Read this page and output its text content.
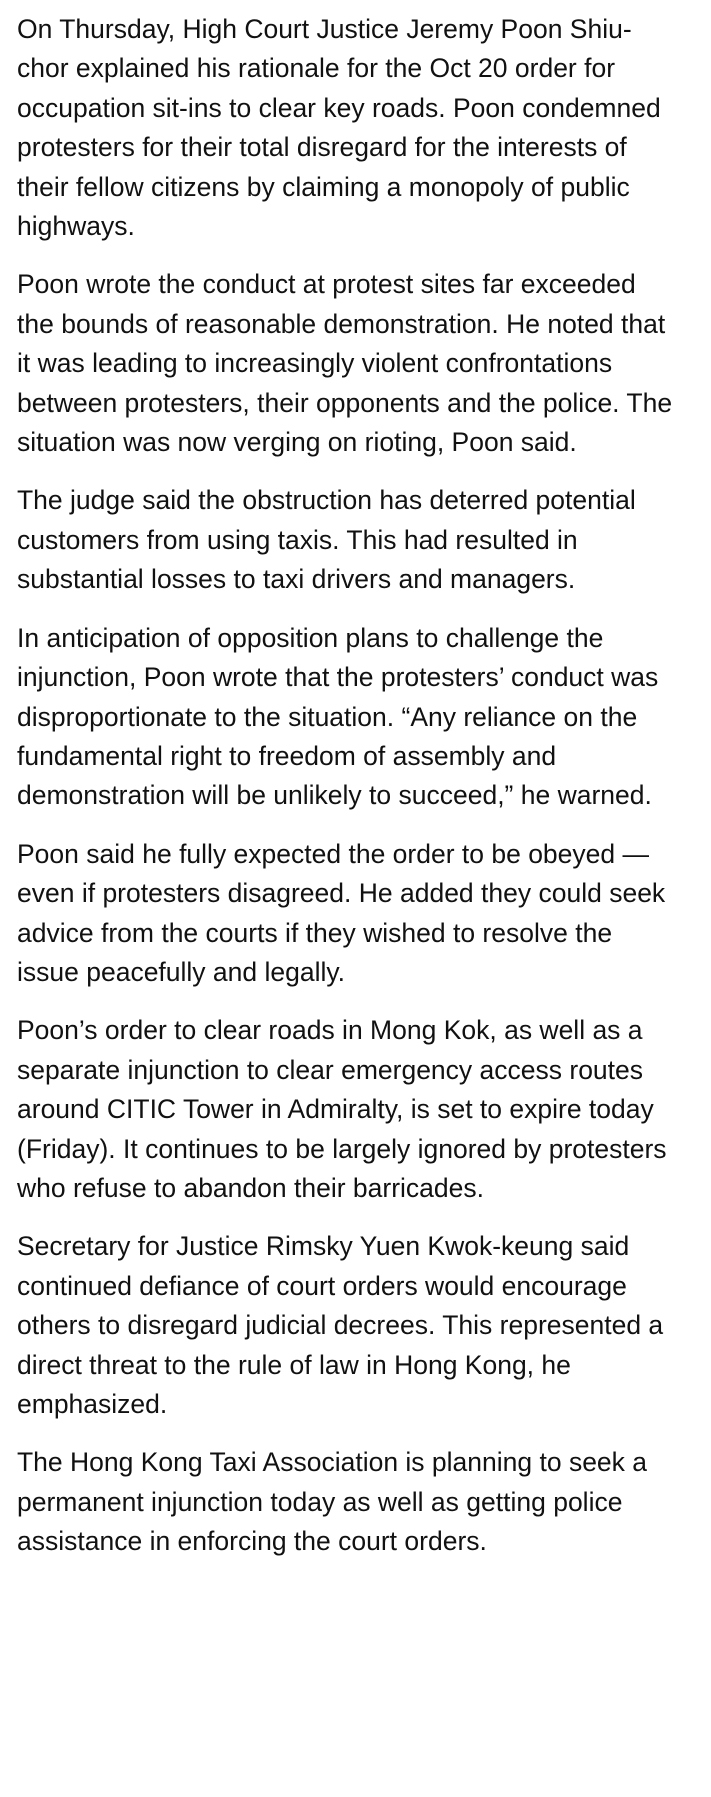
On Thursday, High Court Justice Jeremy Poon Shiu-chor explained his rationale for the Oct 20 order for occupation sit-ins to clear key roads. Poon condemned protesters for their total disregard for the interests of their fellow citizens by claiming a monopoly of public highways.

Poon wrote the conduct at protest sites far exceeded the bounds of reasonable demonstration. He noted that it was leading to increasingly violent confrontations between protesters, their opponents and the police. The situation was now verging on rioting, Poon said.

The judge said the obstruction has deterred potential customers from using taxis. This had resulted in substantial losses to taxi drivers and managers.

In anticipation of opposition plans to challenge the injunction, Poon wrote that the protesters’ conduct was disproportionate to the situation. “Any reliance on the fundamental right to freedom of assembly and demonstration will be unlikely to succeed,” he warned.

Poon said he fully expected the order to be obeyed — even if protesters disagreed. He added they could seek advice from the courts if they wished to resolve the issue peacefully and legally.

Poon’s order to clear roads in Mong Kok, as well as a separate injunction to clear emergency access routes around CITIC Tower in Admiralty, is set to expire today (Friday). It continues to be largely ignored by protesters who refuse to abandon their barricades.

Secretary for Justice Rimsky Yuen Kwok-keung said continued defiance of court orders would encourage others to disregard judicial decrees. This represented a direct threat to the rule of law in Hong Kong, he emphasized.

The Hong Kong Taxi Association is planning to seek a permanent injunction today as well as getting police assistance in enforcing the court orders.
